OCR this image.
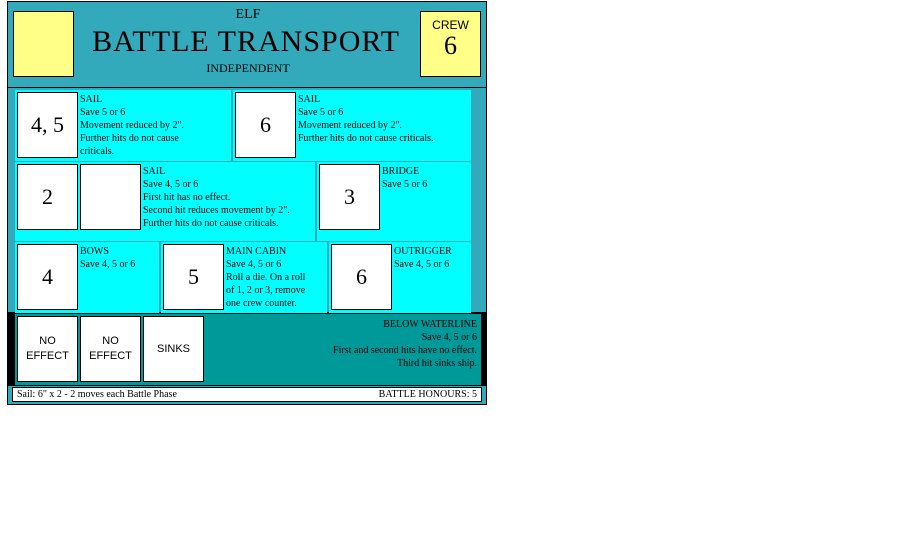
ELF
BATTLE TRANSPORT
INDEPENDENT
CREW
6
4, 5
SAIL
Save 5 or 6
Movement reduced by 2".
Further hits do not cause
criticals.
6
SAIL
Save 5 or 6
Movement reduced by 2".
Further hits do not cause criticals.
2
SAIL
Save 4, 5 or 6
First hit has no effect.
Second hit reduces movement by 2".
Further hits do not cause criticals.
3
BRIDGE
Save 5 or 6
4
BOWS
Save 4, 5 or 6	5
MAIN CABIN
Save 4, 5 or 6
Roll a die. On a roll
of 1, 2 or 3, remove
one crew counter.
6
OUTRIGGER
Save 4, 5 or 6
NO EFFECT
NO EFFECT
SINKS
BELOW WATERLINE
Save 4, 5 or 6
First and second hits have no effect.
Third hit sinks ship.
Sail: 6" x 2 - 2 moves each Battle Phase	BATTLE HONOURS: 5
